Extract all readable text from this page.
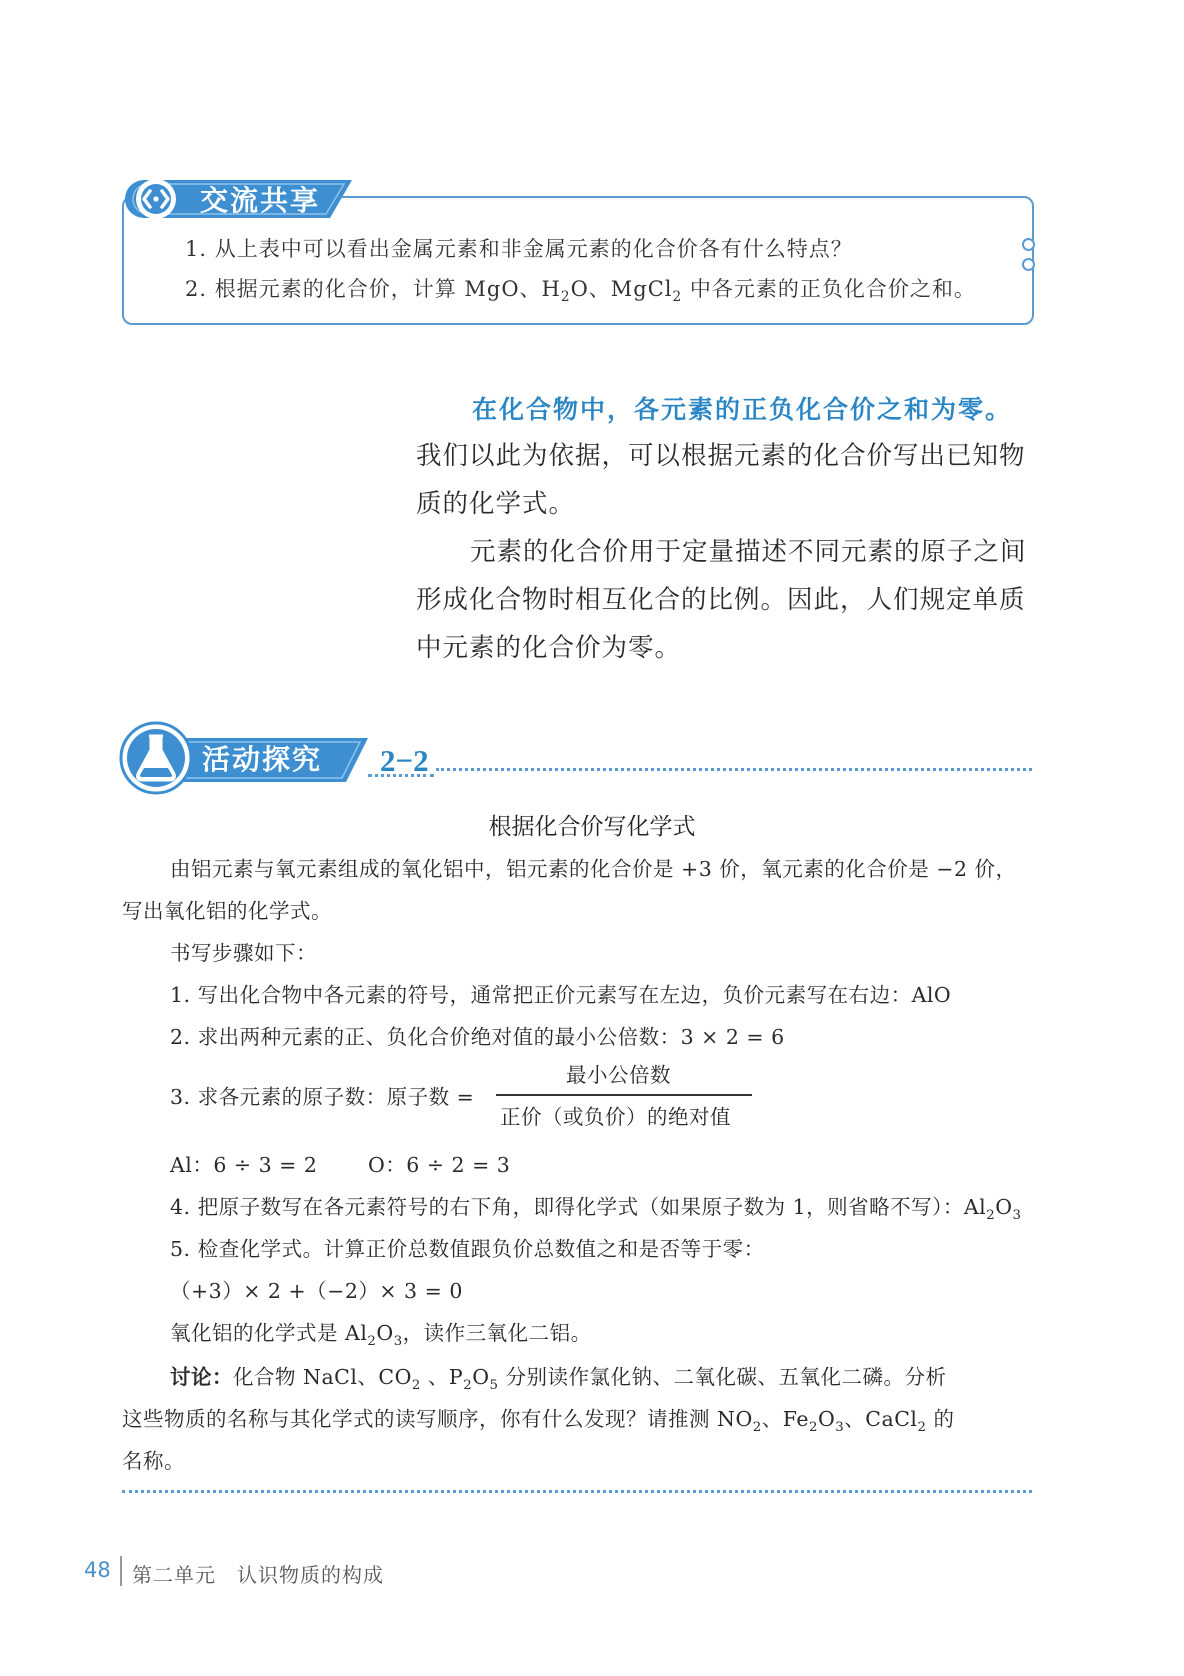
交流共享
1. 从上表中可以看出金属元素和非金属元素的化合价各有什么特点？
2. 根据元素的化合价，计算 MgO、$H_2O$、MgCl$_2$ 中各元素的正负化合价之和。
在化合物中，各元素的正负化合价之和为零。
我们以此为依据，可以根据元素的化合价写出已知物质的化学式。
元素的化合价用于定量描述不同元素的原子之间形成化合物时相互化合的比例。因此，人们规定单质中元素的化合价为零。
活动探究 2−2
根据化合价写化学式
由铝元素与氧元素组成的氧化铝中，铝元素的化合价是 +3 价，氧元素的化合价是 −2 价，
写出氧化铝的化学式。
书写步骤如下：
1. 写出化合物中各元素的符号，通常把正价元素写在左边，负价元素写在右边：AlO
2. 求出两种元素的正、负化合价绝对值的最小公倍数：3 × 2 = 6
3. 求各元素的原子数：原子数 =
最小公倍数
正价（或负价）的绝对值
Al：6 ÷ 3 = 2 O：6 ÷ 2 = 3
4. 把原子数写在各元素符号的右下角，即得化学式（如果原子数为 1，则省略不写）：$Al_2O_3$
5. 检查化学式。计算正价总数值跟负价总数值之和是否等于零：
（+3）× 2 +（−2）× 3 = 0
氧化铝的化学式是 $Al_2O_3$，读作三氧化二铝。
讨论：化合物 NaCl、$CO_2$ 、$P_2O_5$ 分别读作氯化钠、二氧化碳、五氧化二磷。分析
这些物质的名称与其化学式的读写顺序，你有什么发现？请推测 $NO_2$、$Fe_2O_3$、CaCl$_2$ 的
名称。
48 第二单元　认识物质的构成
